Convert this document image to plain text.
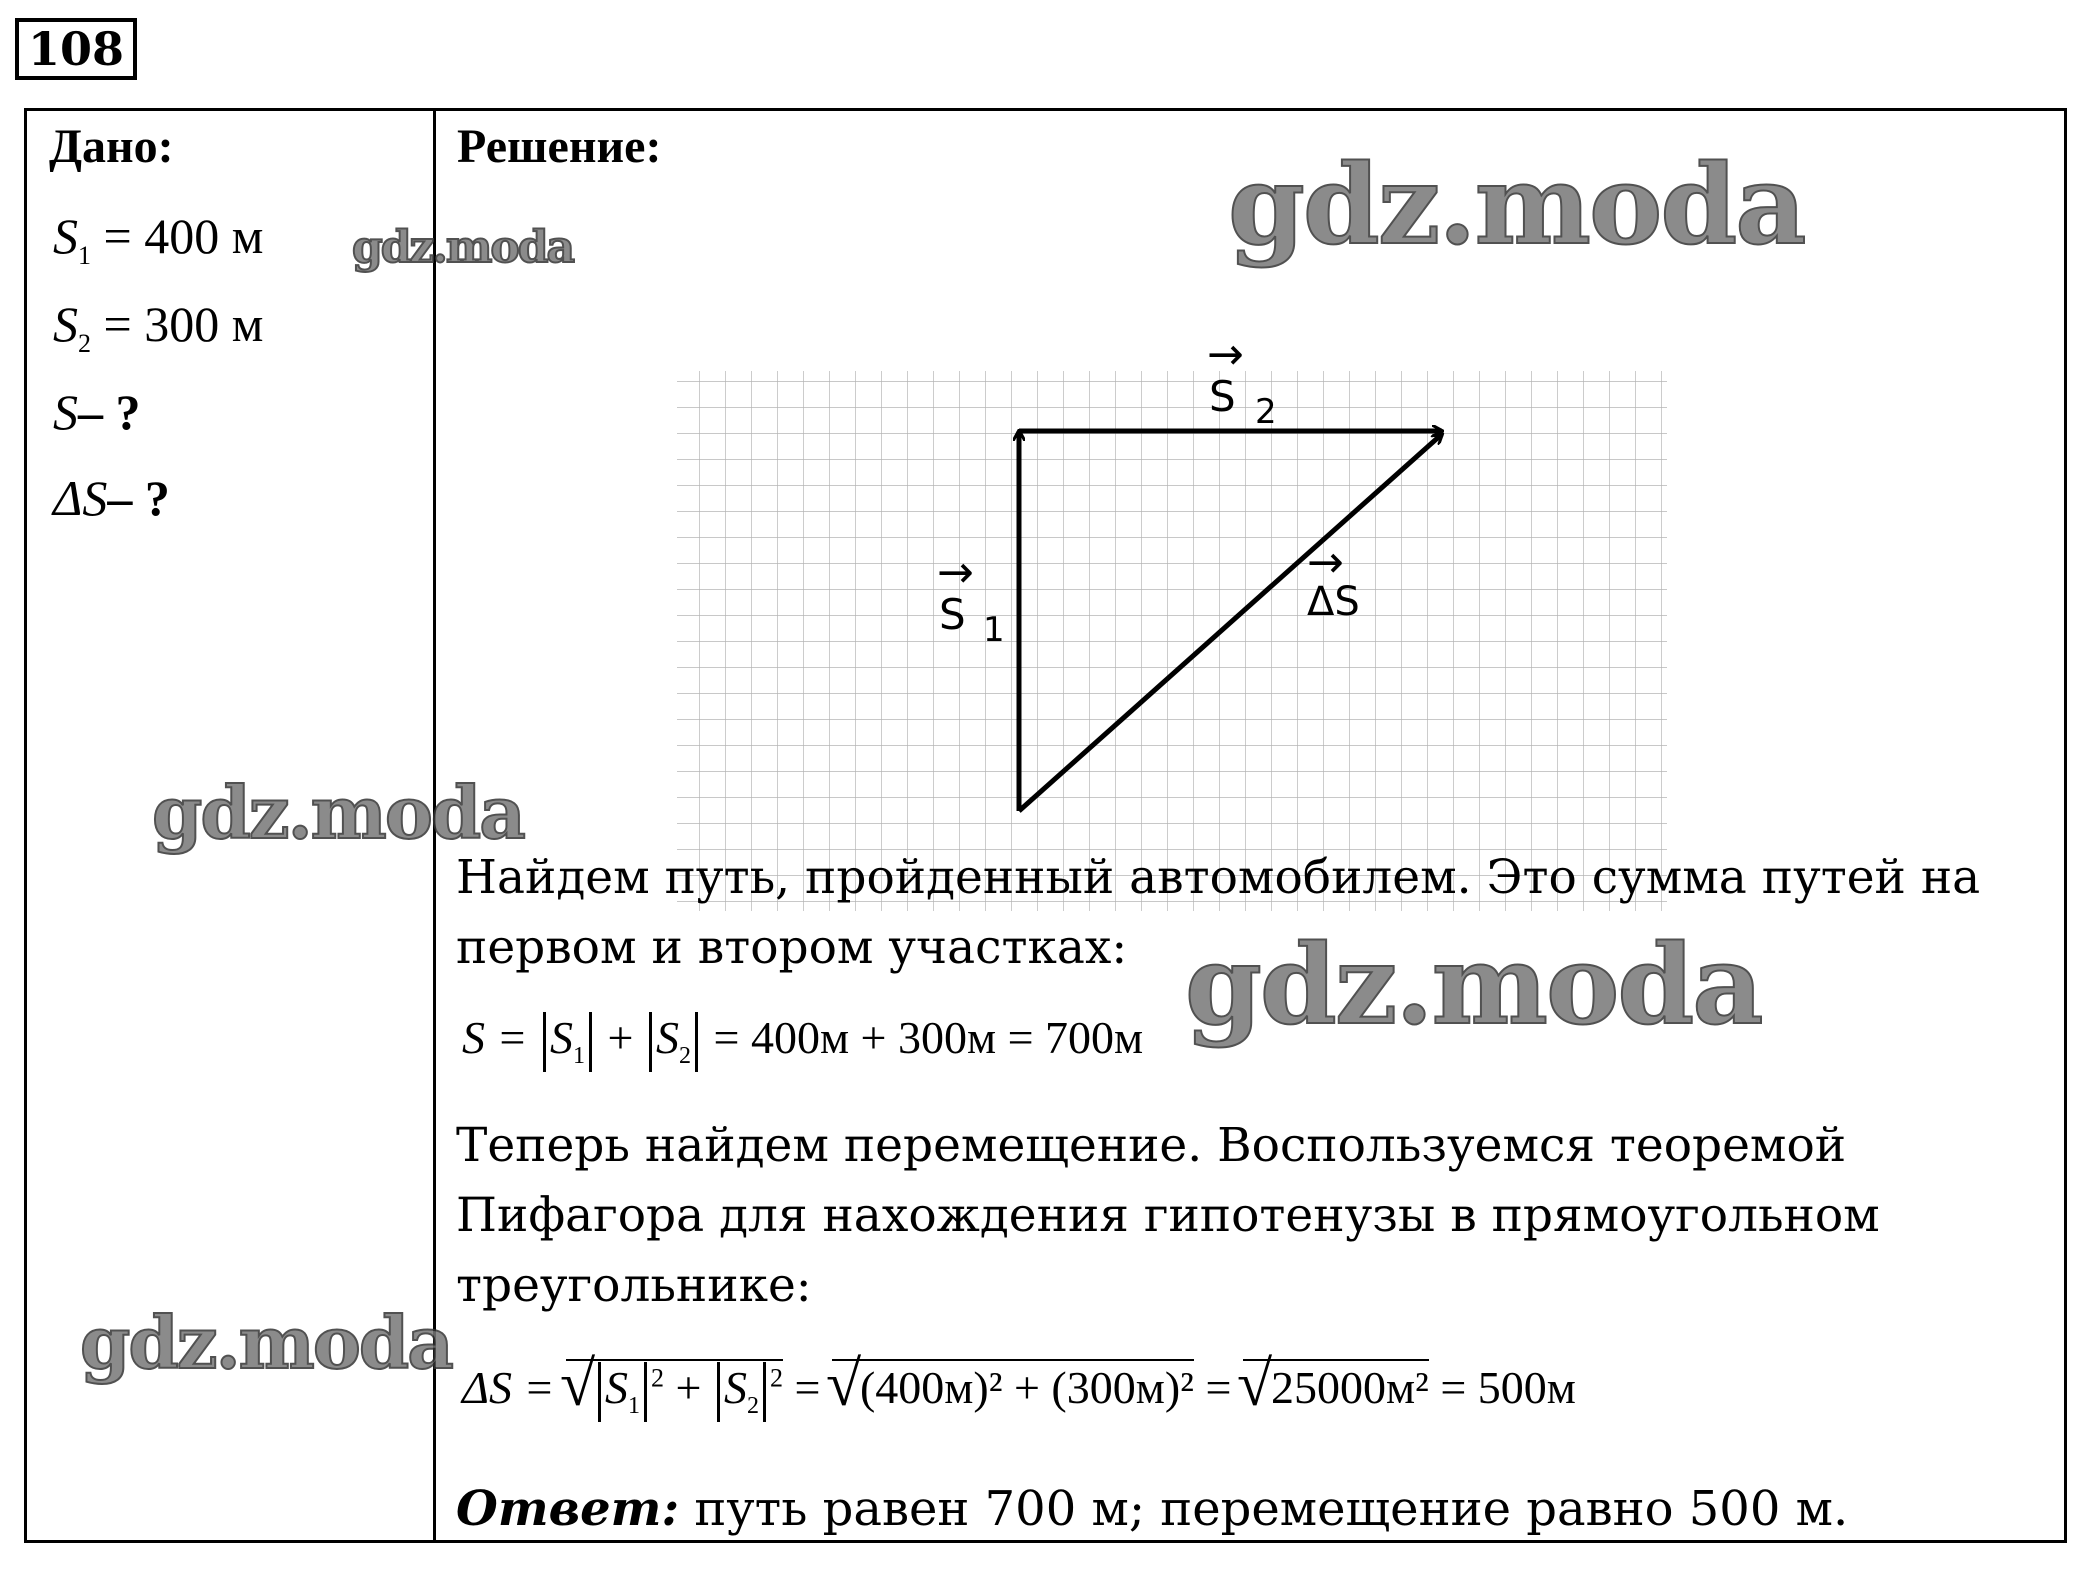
108
Дано:
$S_1 = 400$ м
$S_2 = 300$ м
S– ?
ΔS– ?
Решение:
→
S 1
→
S 2
→
ΔS
Найдем путь, пройденный автомобилем. Это сумма путей на
первом и втором участках:
$S = S_1 + S_2 = 400м + 300м = 700м$
Теперь найдем перемещение. Воспользуемся теоремой
Пифагора для нахождения гипотенузы в прямоугольном
треугольнике:
ΔS = √ $S_1^2 + S_2^2$ = √ (400м)² + (300м)² = √ 25000м² = 500м
Ответ: путь равен 700 м; перемещение равно 500 м.
gdz.moda	gdz.moda
gdz.moda
gdz.moda
gdz.moda
